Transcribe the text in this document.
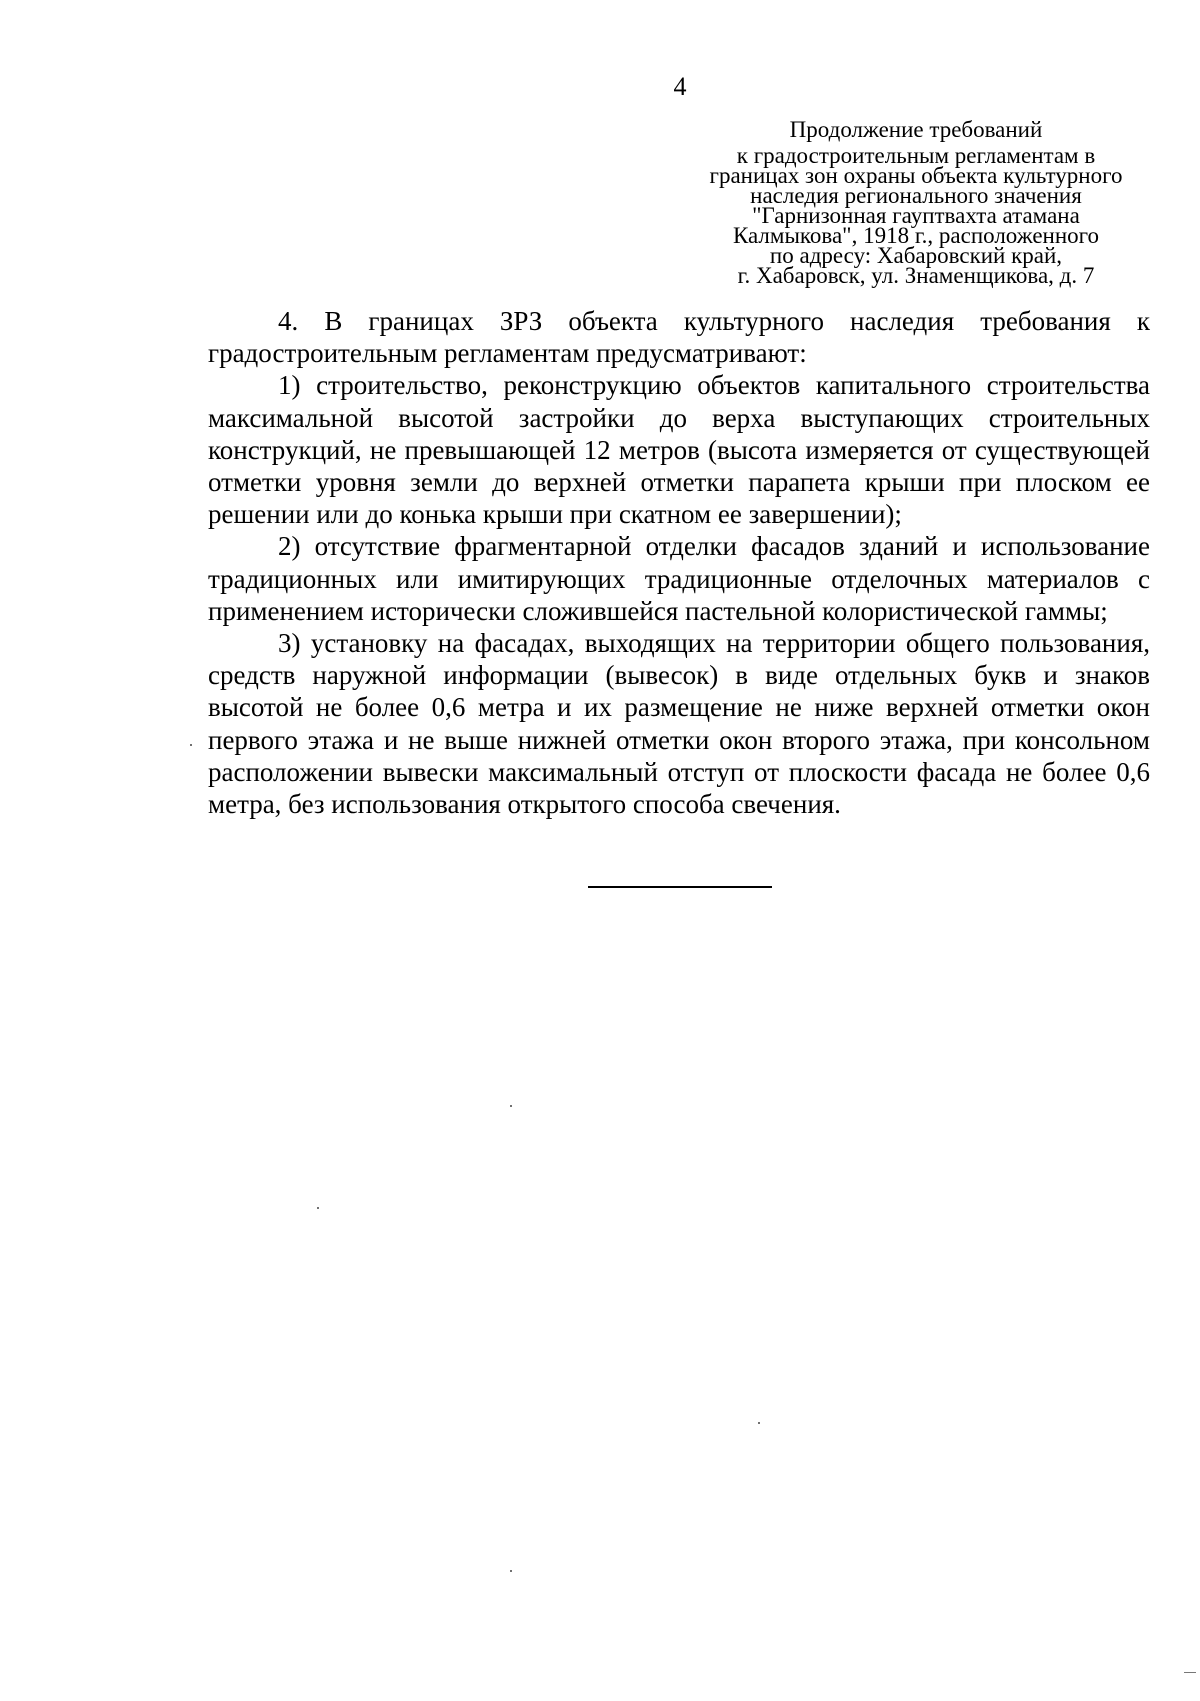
4
Продолжение требований
к градостроительным регламентам в
границах зон охраны объекта культурного
наследия регионального значения
"Гарнизонная гауптвахта атамана
Калмыкова", 1918 г., расположенного
по адресу: Хабаровский край,
г. Хабаровск, ул. Знаменщикова, д. 7

4. В границах ЗРЗ объекта культурного наследия требования к градостроительным регламентам предусматривают:

1) строительство, реконструкцию объектов капитального строительства максимальной высотой застройки до верха выступающих строительных конструкций, не превышающей 12 метров (высота измеряется от существующей отметки уровня земли до верхней отметки парапета крыши при плоском ее решении или до конька крыши при скатном ее завершении);

2) отсутствие фрагментарной отделки фасадов зданий и использование традиционных или имитирующих традиционные отделочных материалов с применением исторически сложившейся пастельной колористической гаммы;

3) установку на фасадах, выходящих на территории общего пользования, средств наружной информации (вывесок) в виде отдельных букв и знаков высотой не более 0,6 метра и их размещение не ниже верхней отметки окон первого этажа и не выше нижней отметки окон второго этажа, при консольном расположении вывески максимальный отступ от плоскости фасада не более 0,6 метра, без использования открытого способа свечения.
